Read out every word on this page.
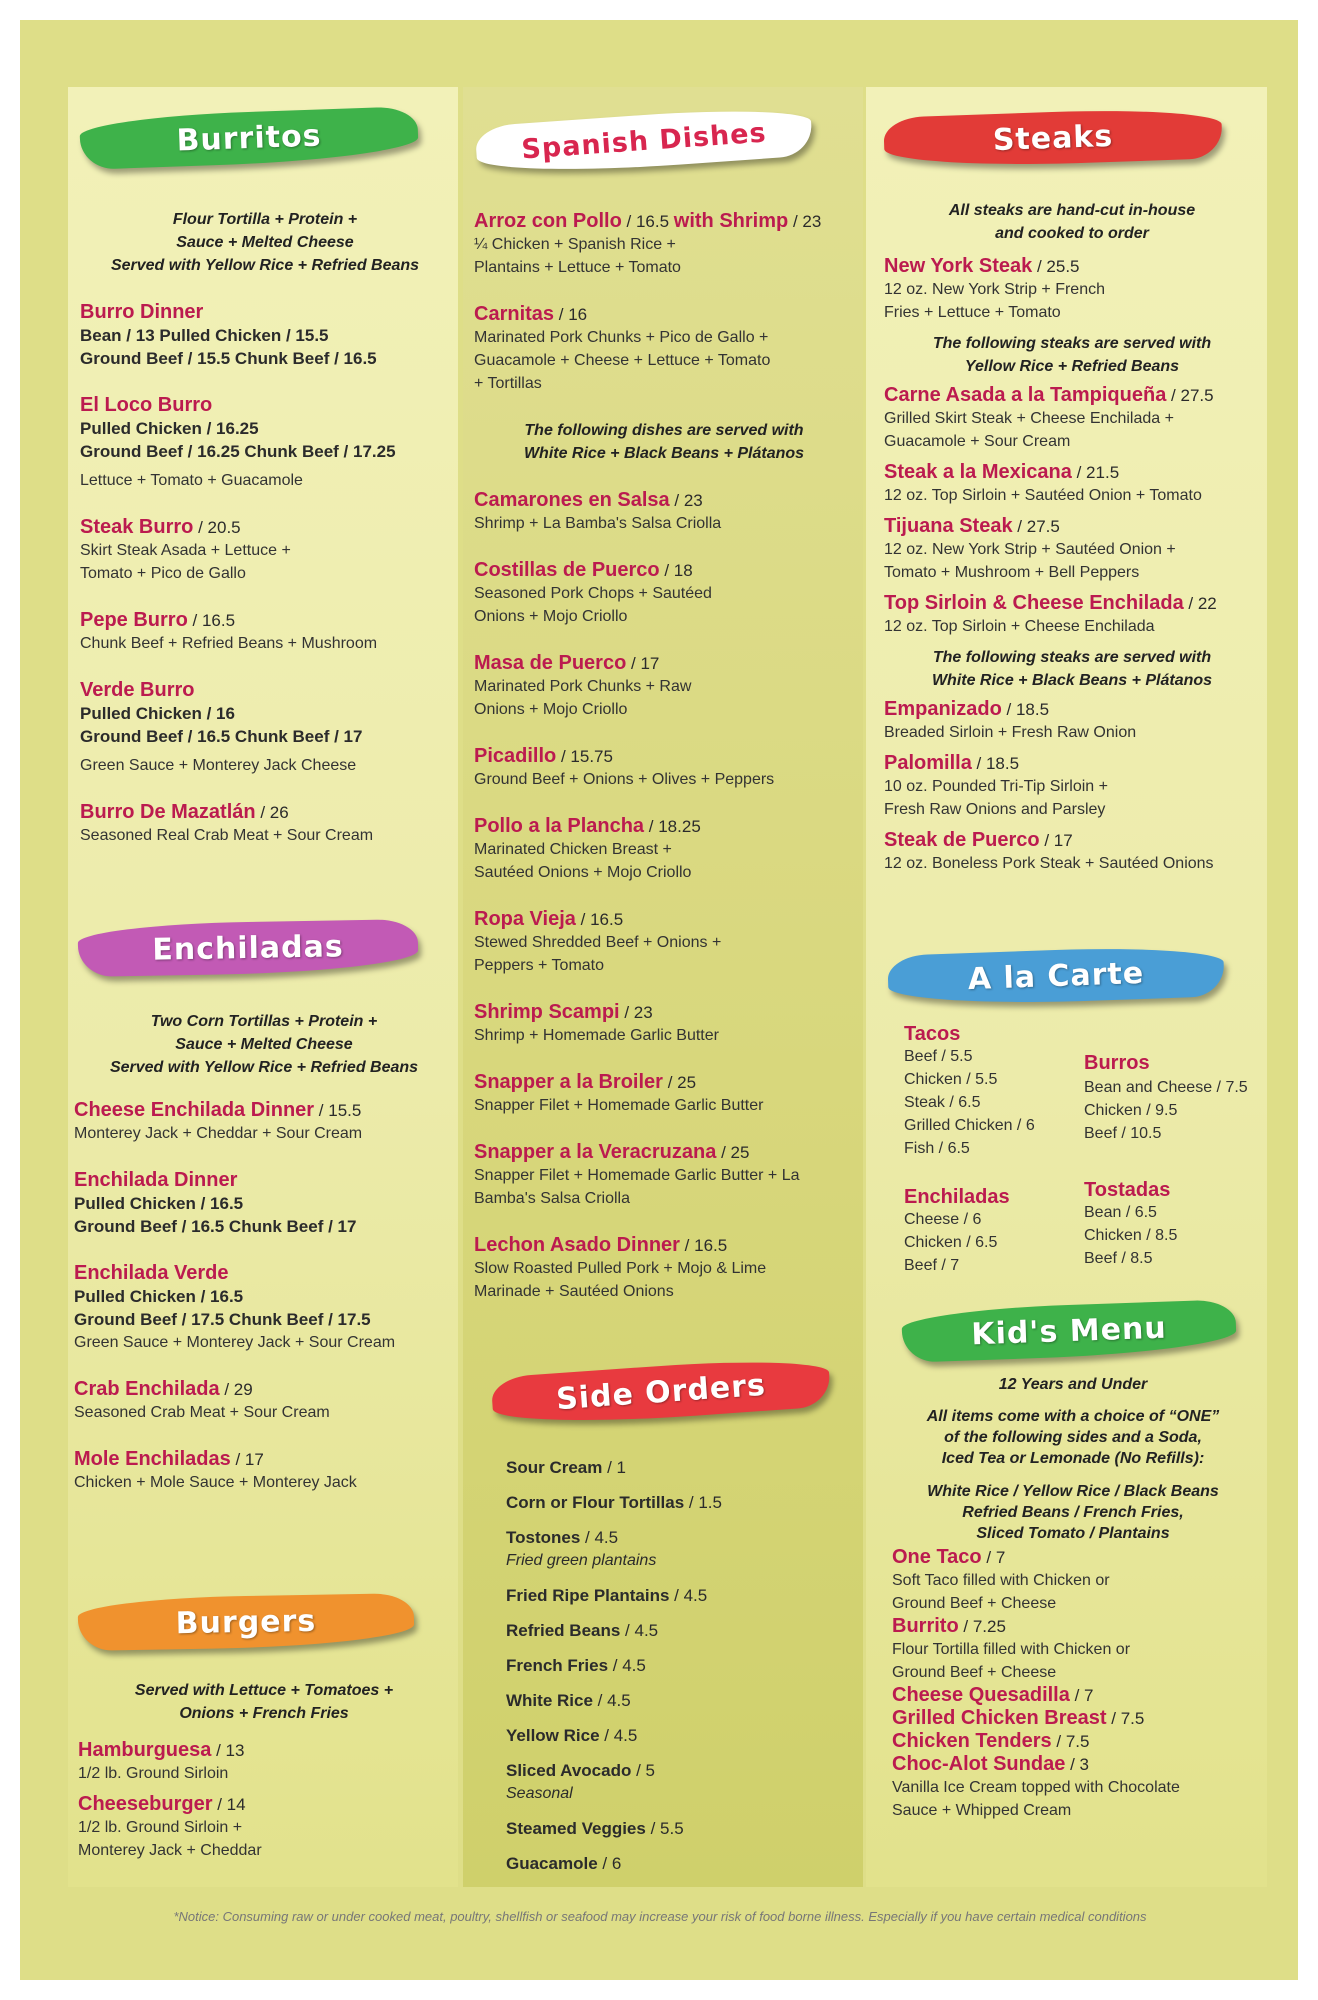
Burritos
Flour Tortilla + Protein +
Sauce + Melted Cheese
Served with Yellow Rice + Refried Beans
Burro Dinner
Bean / 13 Pulled Chicken / 15.5
Ground Beef / 15.5 Chunk Beef / 16.5
El Loco Burro
Pulled Chicken / 16.25
Ground Beef / 16.25 Chunk Beef / 17.25
Lettuce + Tomato + Guacamole
Steak Burro / 20.5
Skirt Steak Asada + Lettuce + Tomato + Pico de Gallo
Pepe Burro / 16.5
Chunk Beef + Refried Beans + Mushroom
Verde Burro
Pulled Chicken / 16
Ground Beef / 16.5 Chunk Beef / 17
Green Sauce + Monterey Jack Cheese
Burro De Mazatlán / 26
Seasoned Real Crab Meat + Sour Cream
Enchiladas
Two Corn Tortillas + Protein +
Sauce + Melted Cheese
Served with Yellow Rice + Refried Beans
Cheese Enchilada Dinner / 15.5
Monterey Jack + Cheddar + Sour Cream
Enchilada Dinner
Pulled Chicken / 16.5
Ground Beef / 16.5 Chunk Beef / 17
Enchilada Verde
Pulled Chicken / 16.5
Ground Beef / 17.5 Chunk Beef / 17.5
Green Sauce + Monterey Jack + Sour Cream
Crab Enchilada / 29
Seasoned Crab Meat + Sour Cream
Mole Enchiladas / 17
Chicken + Mole Sauce + Monterey Jack
Burgers
Served with Lettuce + Tomatoes +
Onions + French Fries
Hamburguesa / 13
1/2 lb. Ground Sirloin
Cheeseburger / 14
1/2 lb. Ground Sirloin + Monterey Jack + Cheddar
Spanish Dishes
Arroz con Pollo / 16.5 with Shrimp / 23
¼ Chicken + Spanish Rice + Plantains + Lettuce + Tomato
Carnitas / 16
Marinated Pork Chunks + Pico de Gallo + Guacamole + Cheese + Lettuce + Tomato + Tortillas
The following dishes are served with
White Rice + Black Beans + Plátanos
Camarones en Salsa / 23
Shrimp + La Bamba's Salsa Criolla
Costillas de Puerco / 18
Seasoned Pork Chops + Sautéed Onions + Mojo Criollo
Masa de Puerco / 17
Marinated Pork Chunks + Raw Onions + Mojo Criollo
Picadillo / 15.75
Ground Beef + Onions + Olives + Peppers
Pollo a la Plancha / 18.25
Marinated Chicken Breast + Sautéed Onions + Mojo Criollo
Ropa Vieja / 16.5
Stewed Shredded Beef + Onions + Peppers + Tomato
Shrimp Scampi / 23
Shrimp + Homemade Garlic Butter
Snapper a la Broiler / 25
Snapper Filet + Homemade Garlic Butter
Snapper a la Veracruzana / 25
Snapper Filet + Homemade Garlic Butter + La Bamba's Salsa Criolla
Lechon Asado Dinner / 16.5
Slow Roasted Pulled Pork + Mojo & Lime Marinade + Sautéed Onions
Side Orders
Sour Cream / 1
Corn or Flour Tortillas / 1.5
Tostones / 4.5
Fried green plantains
Fried Ripe Plantains / 4.5
Refried Beans / 4.5
French Fries / 4.5
White Rice / 4.5
Yellow Rice / 4.5
Sliced Avocado / 5
Seasonal
Steamed Veggies / 5.5
Guacamole / 6
Steaks
All steaks are hand-cut in-house
and cooked to order
New York Steak / 25.5
12 oz. New York Strip + French Fries + Lettuce + Tomato
The following steaks are served with
Yellow Rice + Refried Beans
Carne Asada a la Tampiqueña / 27.5
Grilled Skirt Steak + Cheese Enchilada + Guacamole + Sour Cream
Steak a la Mexicana / 21.5
12 oz. Top Sirloin + Sautéed Onion + Tomato
Tijuana Steak / 27.5
12 oz. New York Strip + Sautéed Onion + Tomato + Mushroom + Bell Peppers
Top Sirloin & Cheese Enchilada / 22
12 oz. Top Sirloin + Cheese Enchilada
The following steaks are served with
White Rice + Black Beans + Plátanos
Empanizado / 18.5
Breaded Sirloin + Fresh Raw Onion
Palomilla / 18.5
10 oz. Pounded Tri-Tip Sirloin + Fresh Raw Onions and Parsley
Steak de Puerco / 17
12 oz. Boneless Pork Steak + Sautéed Onions
A la Carte
Tacos
Beef / 5.5
Chicken / 5.5
Steak / 6.5
Grilled Chicken / 6
Fish / 6.5
Burros
Bean and Cheese / 7.5
Chicken / 9.5
Beef / 10.5
Enchiladas
Cheese / 6
Chicken / 6.5
Beef / 7
Tostadas
Bean / 6.5
Chicken / 8.5
Beef / 8.5
Kid's Menu
12 Years and Under
All items come with a choice of “ONE”
of the following sides and a Soda,
Iced Tea or Lemonade (No Refills):
White Rice / Yellow Rice / Black Beans
Refried Beans / French Fries,
Sliced Tomato / Plantains
One Taco / 7
Soft Taco filled with Chicken or Ground Beef + Cheese
Burrito / 7.25
Flour Tortilla filled with Chicken or Ground Beef + Cheese
Cheese Quesadilla / 7
Grilled Chicken Breast / 7.5
Chicken Tenders / 7.5
Choc-Alot Sundae / 3
Vanilla Ice Cream topped with Chocolate Sauce + Whipped Cream
*Notice: Consuming raw or under cooked meat, poultry, shellfish or seafood may increase your risk of food borne illness. Especially if you have certain medical conditions
